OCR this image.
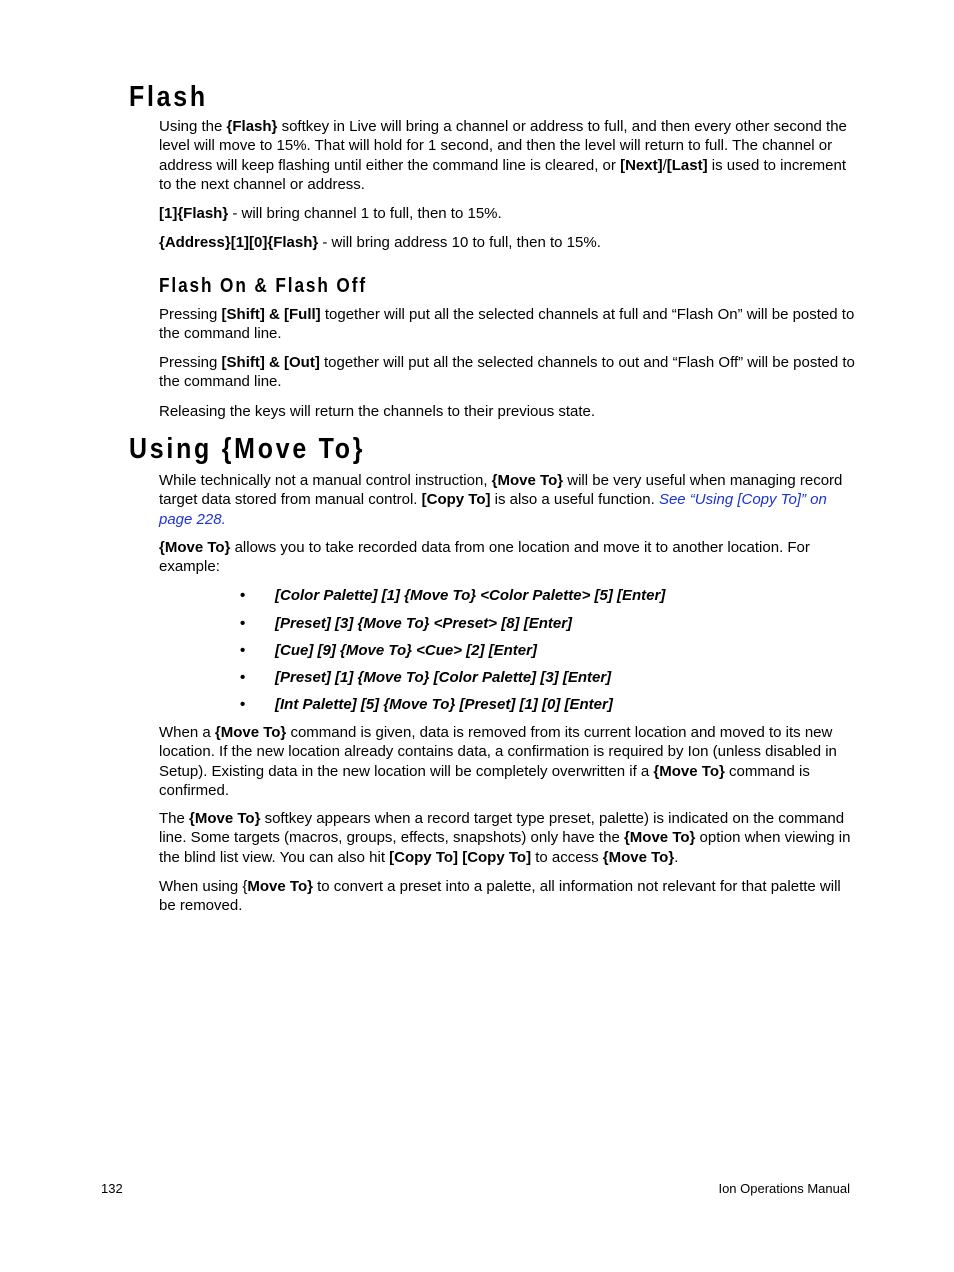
Flash

Using the {Flash} softkey in Live will bring a channel or address to full, and then every other second the level will move to 15%. That will hold for 1 second, and then the level will return to full. The channel or address will keep flashing until either the command line is cleared, or [Next]/[Last] is used to increment to the next channel or address.

[1]{Flash} - will bring channel 1 to full, then to 15%.

{Address}[1][0]{Flash} - will bring address 10 to full, then to 15%.

Flash On & Flash Off

Pressing [Shift] & [Full] together will put all the selected channels at full and “Flash On” will be posted to the command line.

Pressing [Shift] & [Out] together will put all the selected channels to out and “Flash Off” will be posted to the command line.

Releasing the keys will return the channels to their previous state.

Using {Move To}

While technically not a manual control instruction, {Move To} will be very useful when managing record target data stored from manual control. [Copy To] is also a useful function. See “Using [Copy To]” on page 228.

{Move To} allows you to take recorded data from one location and move it to another location. For example:

• [Color Palette] [1] {Move To} <Color Palette> [5] [Enter]
• [Preset] [3] {Move To} <Preset> [8] [Enter]
• [Cue] [9] {Move To} <Cue> [2] [Enter]
• [Preset] [1] {Move To} [Color Palette] [3] [Enter]
• [Int Palette] [5] {Move To} [Preset] [1] [0] [Enter]

When a {Move To} command is given, data is removed from its current location and moved to its new location. If the new location already contains data, a confirmation is required by Ion (unless disabled in Setup). Existing data in the new location will be completely overwritten if a {Move To} command is confirmed.

The {Move To} softkey appears when a record target type preset, palette) is indicated on the command line. Some targets (macros, groups, effects, snapshots) only have the {Move To} option when viewing in the blind list view. You can also hit [Copy To] [Copy To] to access {Move To}.

When using {Move To} to convert a preset into a palette, all information not relevant for that palette will be removed.

132	Ion Operations Manual
